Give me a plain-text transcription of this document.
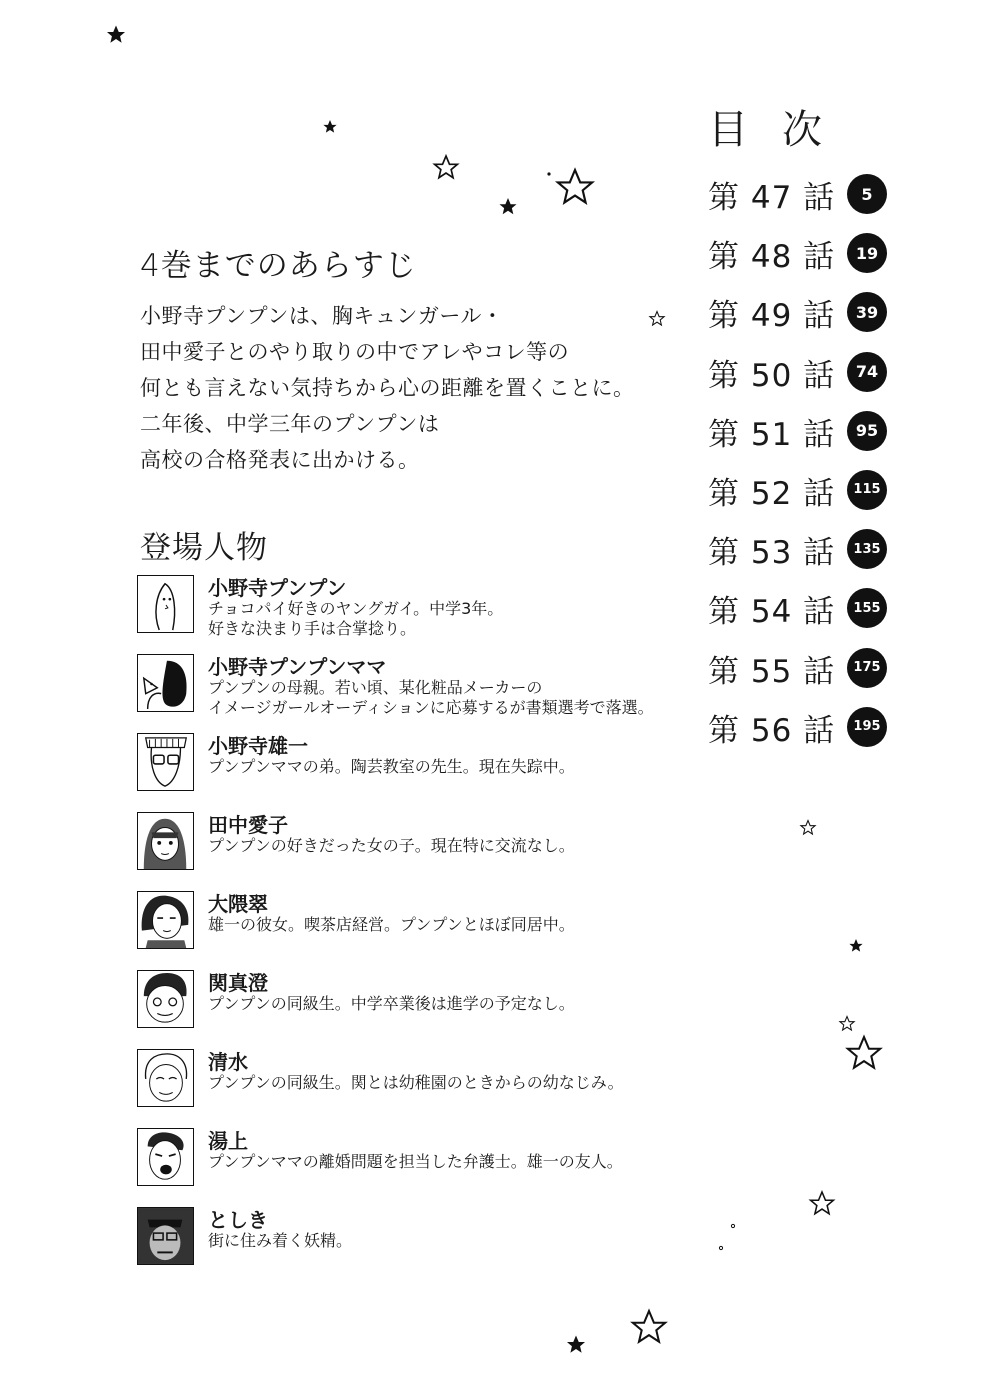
4巻までのあらすじ
小野寺プンプンは、胸キュンガール・
田中愛子とのやり取りの中でアレやコレ等の
何とも言えない気持ちから心の距離を置くことに。
二年後、中学三年のプンプンは
高校の合格発表に出かける。
登場人物
小野寺プンプン
チョコパイ好きのヤングガイ。中学3年。
好きな決まり手は合掌捻り。
小野寺プンプンママ
プンプンの母親。若い頃、某化粧品メーカーの
イメージガールオーディションに応募するが書類選考で落選。
小野寺雄一
プンプンママの弟。陶芸教室の先生。現在失踪中。
田中愛子
プンプンの好きだった女の子。現在特に交流なし。
大隈翠
雄一の彼女。喫茶店経営。プンプンとほぼ同居中。
関真澄
プンプンの同級生。中学卒業後は進学の予定なし。
清水
プンプンの同級生。関とは幼稚園のときからの幼なじみ。
湯上
プンプンママの離婚問題を担当した弁護士。雄一の友人。
としき
街に住み着く妖精。
目次
第 47 話	5
第 48 話	19
第 49 話	39
第 50 話	74
第 51 話	95
第 52 話	115
第 53 話	135
第 54 話	155
第 55 話	175
第 56 話	195
